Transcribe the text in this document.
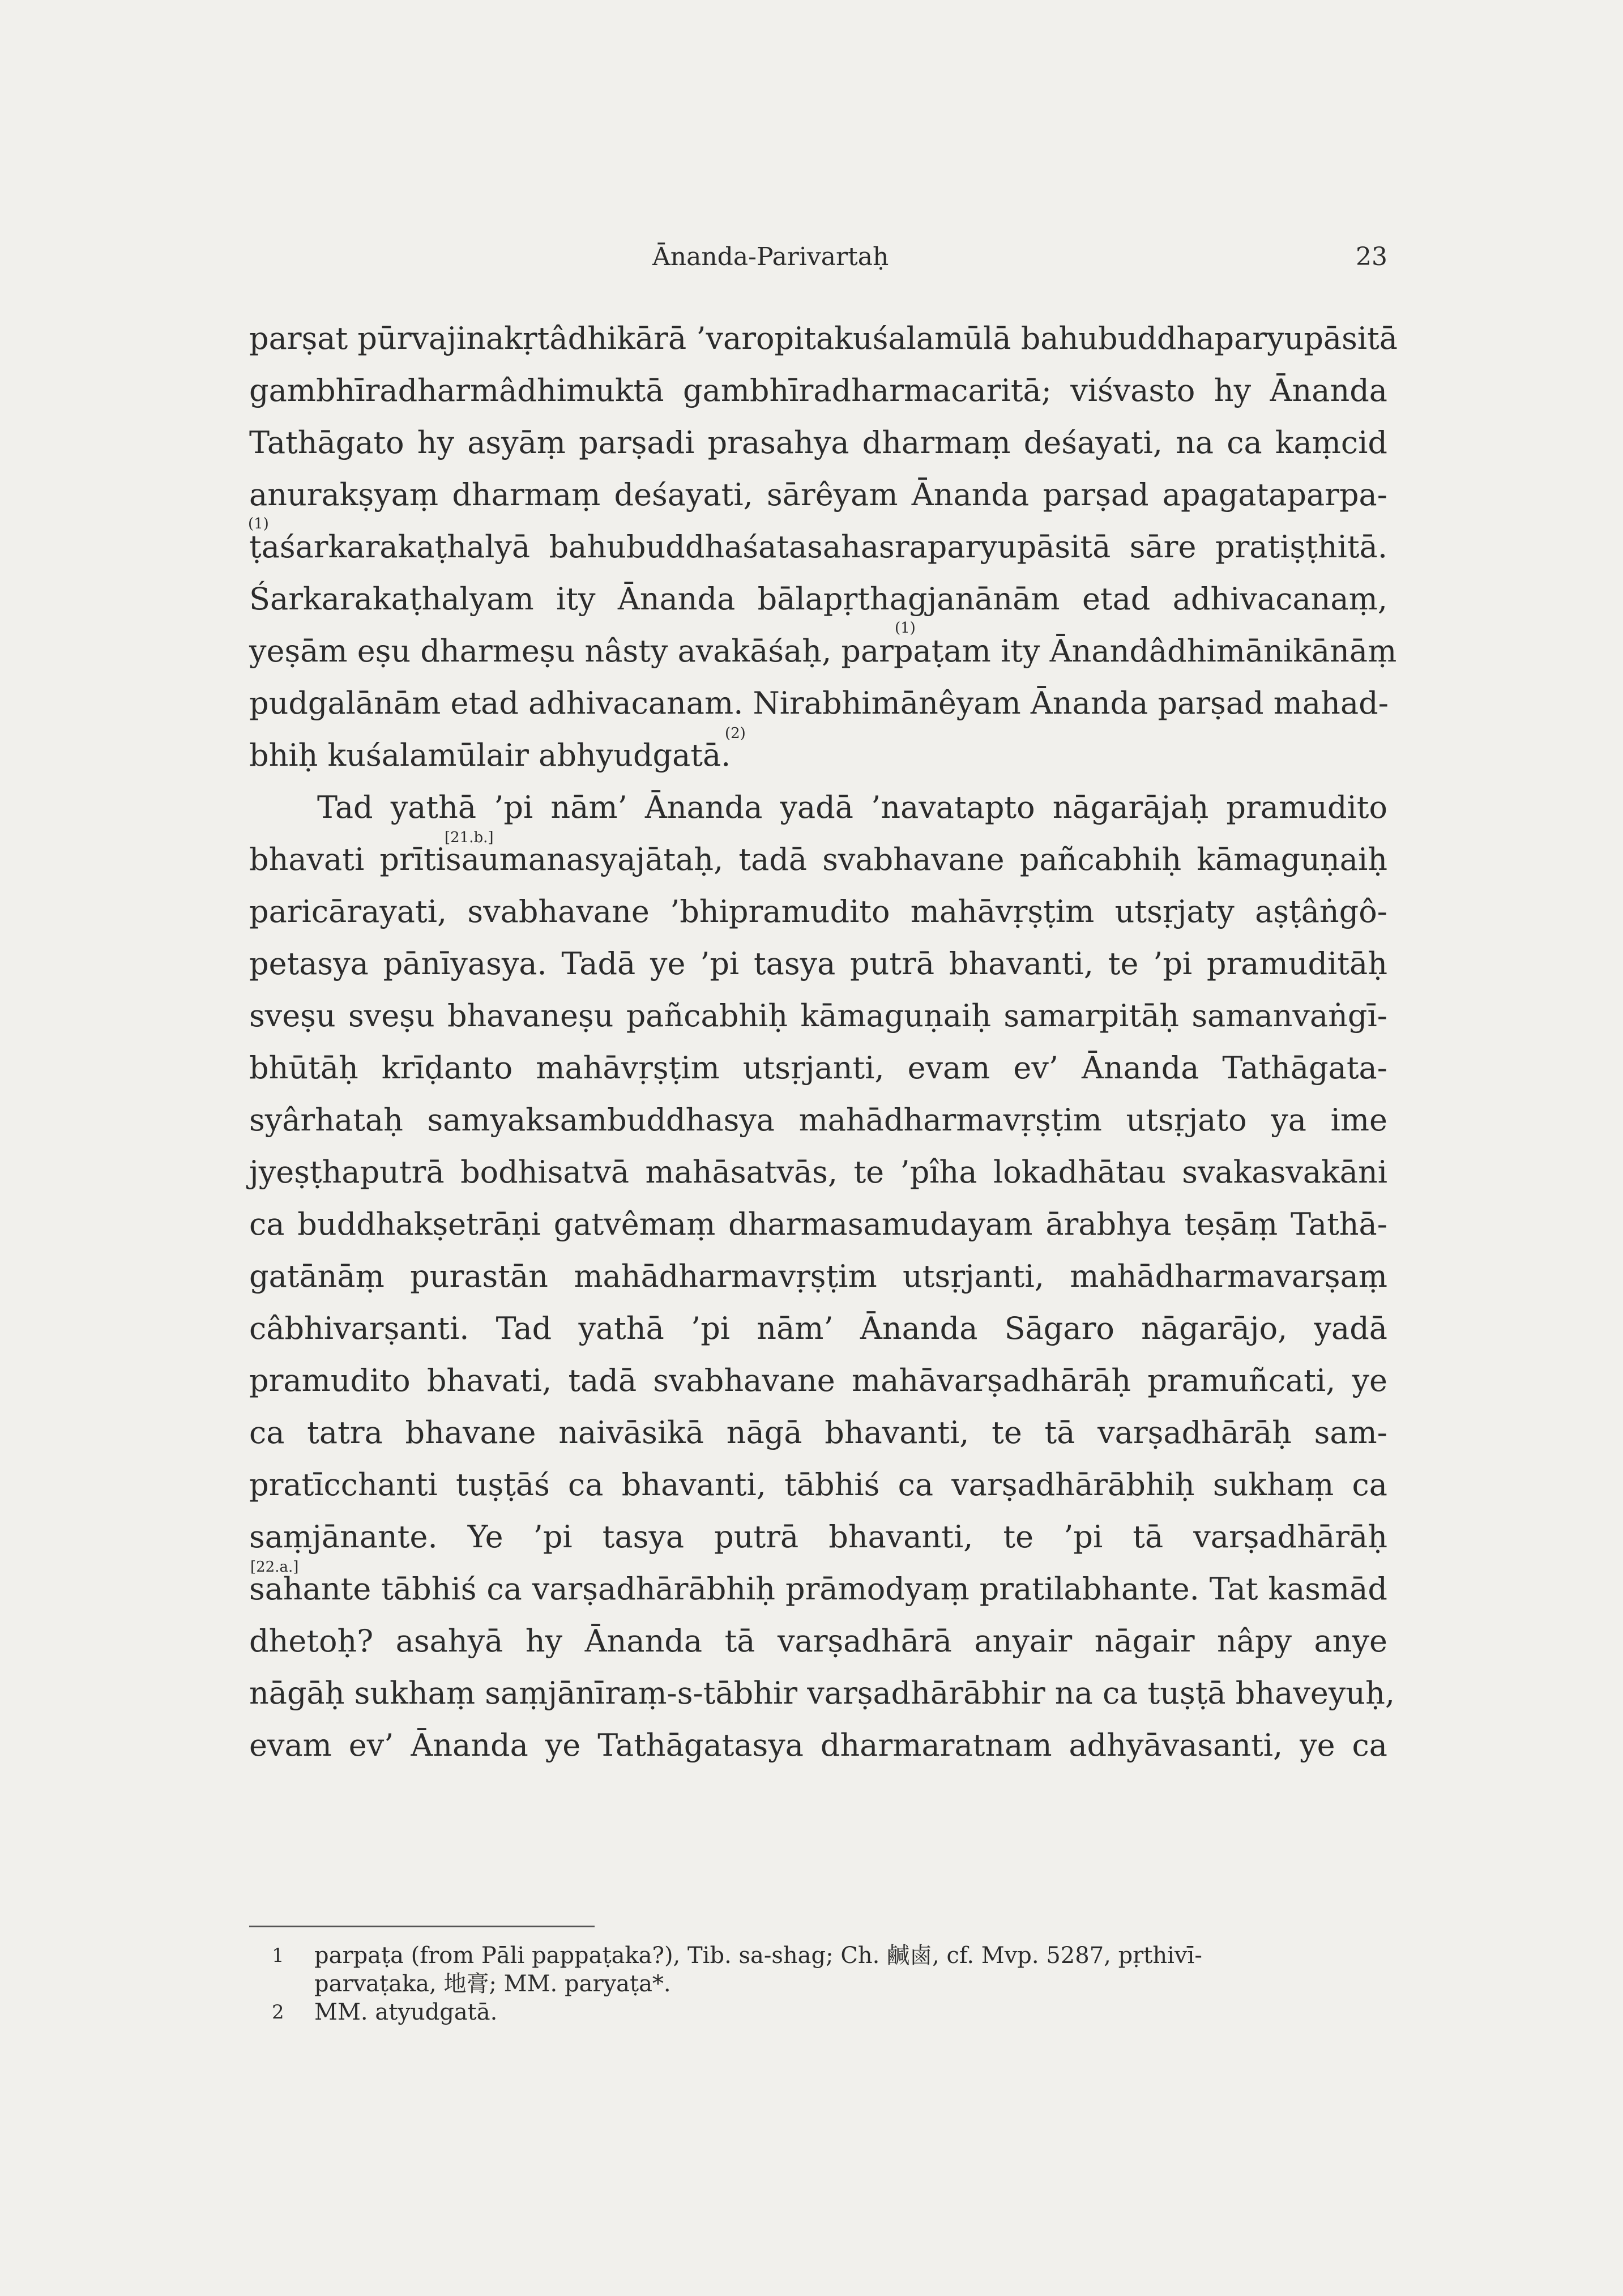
Ānanda-Parivartaḥ	23
parṣat pūrvajinakṛtâdhikārā ’varopitakuśalamūlā bahubuddhaparyupāsitā
gambhīradharmâdhimuktā gambhīradharmacaritā; viśvasto hy Ānanda
Tathāgato hy asyāṃ parṣadi prasahya dharmaṃ deśayati, na ca kaṃcid
anurakṣyaṃ dharmaṃ deśayati, sārêyam Ānanda parṣad apagataparpa-
(1)
ṭaśarkarakaṭhalyā bahubuddhaśatasahasraparyupāsitā sāre pratiṣṭhitā.
Śarkarakaṭhalyam ity Ānanda bālapṛthagjanānām etad adhivacanaṃ,
(1)
yeṣām eṣu dharmeṣu nâsty avakāśaḥ, parpaṭam ity Ānandâdhimānikānāṃ
pudgalānām etad adhivacanam. Nirabhimānêyam Ānanda parṣad mahad-
bhiḥ kuśalamūlair abhyudgatā.
(2)
Tad yathā ’pi nām’ Ānanda yadā ’navatapto nāgarājaḥ pramudito
[21.b.]
bhavati prītisaumanasyajātaḥ, tadā svabhavane pañcabhiḥ kāmaguṇaiḥ
paricārayati, svabhavane ’bhipramudito mahāvṛṣṭim utsṛjaty aṣṭâṅgô-
petasya pānīyasya. Tadā ye ’pi tasya putrā bhavanti, te ’pi pramuditāḥ
sveṣu sveṣu bhavaneṣu pañcabhiḥ kāmaguṇaiḥ samarpitāḥ samanvaṅgī-
bhūtāḥ krīḍanto mahāvṛṣṭim utsṛjanti, evam ev’ Ānanda Tathāgata-
syârhataḥ samyaksambuddhasya mahādharmavṛṣṭim utsṛjato ya ime
jyeṣṭhaputrā bodhisatvā mahāsatvās, te ’pîha lokadhātau svakasvakāni
ca buddhakṣetrāṇi gatvêmaṃ dharmasamudayam ārabhya teṣāṃ Tathā-
gatānāṃ purastān mahādharmavṛṣṭim utsṛjanti, mahādharmavarṣaṃ
câbhivarṣanti. Tad yathā ’pi nām’ Ānanda Sāgaro nāgarājo, yadā
pramudito bhavati, tadā svabhavane mahāvarṣadhārāḥ pramuñcati, ye
ca tatra bhavane naivāsikā nāgā bhavanti, te tā varṣadhārāḥ sam-
pratīcchanti tuṣṭāś ca bhavanti, tābhiś ca varṣadhārābhiḥ sukhaṃ ca
saṃjānante. Ye ’pi tasya putrā bhavanti, te ’pi tā varṣadhārāḥ
[22.a.]
sahante tābhiś ca varṣadhārābhiḥ prāmodyaṃ pratilabhante. Tat kasmād
dhetoḥ? asahyā hy Ānanda tā varṣadhārā anyair nāgair nâpy anye
nāgāḥ sukhaṃ saṃjānīraṃ-s-tābhir varṣadhārābhir na ca tuṣṭā bhaveyuḥ,
evam ev’ Ānanda ye Tathāgatasya dharmaratnam adhyāvasanti, ye ca
1 parpaṭa (from Pāli pappaṭaka?), Tib. sa-shag; Ch. 鹹鹵, cf. Mvp. 5287, pṛthivī-
parvaṭaka, 地膏; MM. paryaṭa*.
2 MM. atyudgatā.
